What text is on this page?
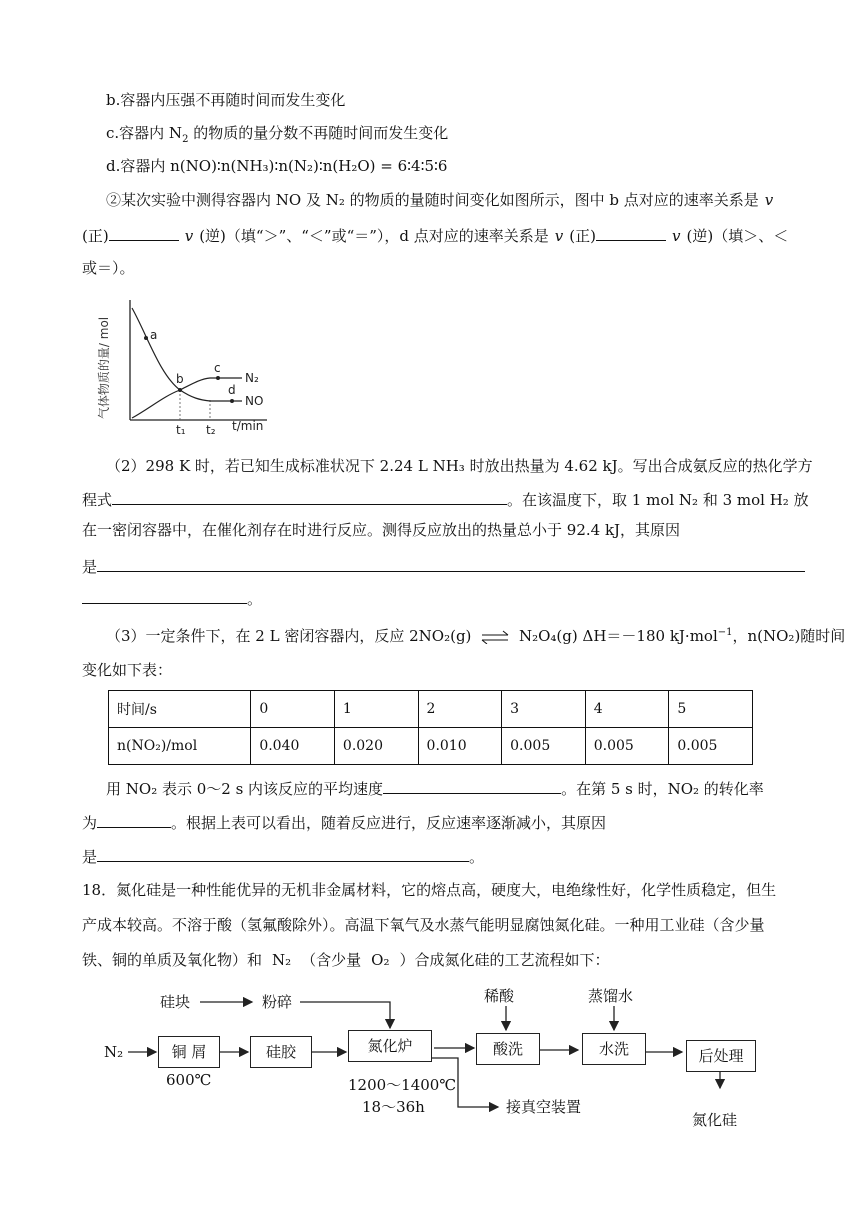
b.容器内压强不再随时间而发生变化
c.容器内 $N_2$ 的物质的量分数不再随时间而发生变化
d.容器内 n(NO)∶n(NH₃)∶n(N₂)∶n(H₂O) = 6∶4∶5∶6
②某次实验中测得容器内 NO 及 N₂ 的物质的量随时间变化如图所示，图中 b 点对应的速率关系是 v
(正)	v (逆)（填“＞”、“＜”或“＝”），d 点对应的速率关系是 v (正)	v (逆)（填＞、＜
或＝）。
气体物质的量/ mol	a
b
c
d
N₂
NO
t₁ t₂ t/min
（2）298 K 时，若已知生成标准状况下 2.24 L NH₃ 时放出热量为 4.62 kJ。写出合成氨反应的热化学方
程式	。在该温度下，取 1 mol N₂ 和 3 mol H₂ 放
在一密闭容器中，在催化剂存在时进行反应。测得反应放出的热量总小于 92.4 kJ，其原因
是
。
（3）一定条件下，在 2 L 密闭容器内，反应 2NO₂(g) ⇌ N₂O₄(g) ΔH＝－180 kJ·mol$^{-1}$，n(NO₂)随时间
变化如下表：
时间/s	0	1	2	3	4	5
n(NO₂)/mol	0.040	0.020	0.010	0.005	0.005	0.005
用 NO₂ 表示 0～2 s 内该反应的平均速度	。在第 5 s 时，NO₂ 的转化率
为	。根据上表可以看出，随着反应进行，反应速率逐渐减小，其原因
是	。
18．氮化硅是一种性能优异的无机非金属材料，它的熔点高，硬度大，电绝缘性好，化学性质稳定，但生
产成本较高。不溶于酸（氢氟酸除外）。高温下氧气及水蒸气能明显腐蚀氮化硅。一种用工业硅（含少量
铁、铜的单质及氧化物）和 N₂ （含少量 O₂ ）合成氮化硅的工艺流程如下：
硅块	粉碎
N₂	铜 屑
600℃
硅胶	氮化炉
1200～1400℃
18～36h	接真空装置
稀酸
酸洗
蒸馏水
水洗	后处理
氮化硅
